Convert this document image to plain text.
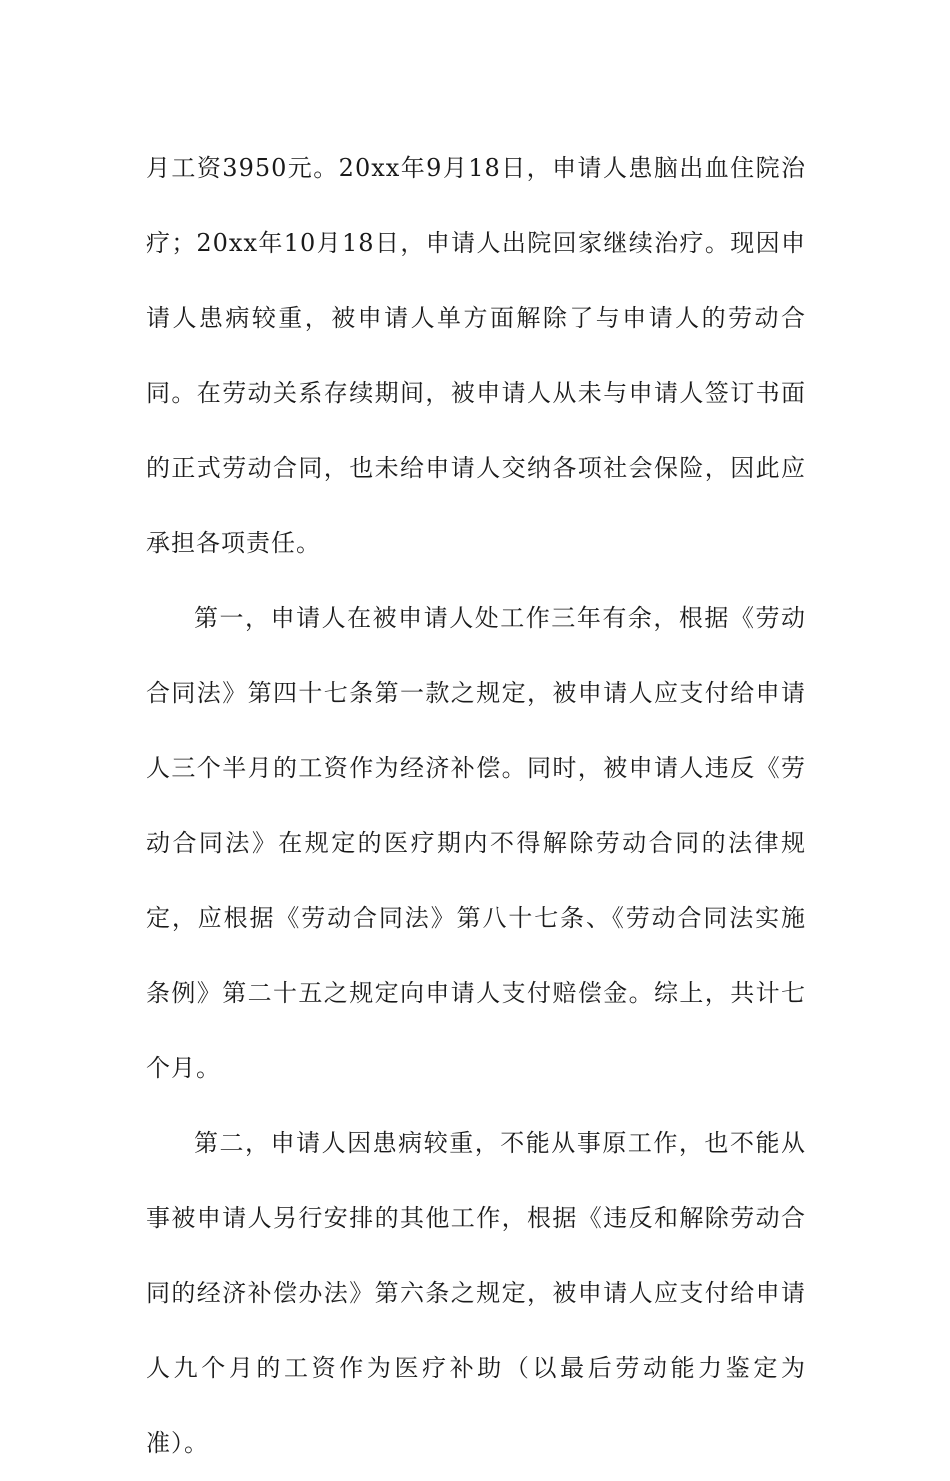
月工资3950元。20xx年9月18日，申请人患脑出血住院治疗；20xx年10月18日，申请人出院回家继续治疗。现因申请人患病较重，被申请人单方面解除了与申请人的劳动合同。在劳动关系存续期间，被申请人从未与申请人签订书面的正式劳动合同，也未给申请人交纳各项社会保险，因此应承担各项责任。

第一，申请人在被申请人处工作三年有余，根据《劳动合同法》第四十七条第一款之规定，被申请人应支付给申请人三个半月的工资作为经济补偿。同时，被申请人违反《劳动合同法》在规定的医疗期内不得解除劳动合同的法律规定，应根据《劳动合同法》第八十七条、《劳动合同法实施条例》第二十五之规定向申请人支付赔偿金。综上，共计七个月。

第二，申请人因患病较重，不能从事原工作，也不能从事被申请人另行安排的其他工作，根据《违反和解除劳动合同的经济补偿办法》第六条之规定，被申请人应支付给申请人九个月的工资作为医疗补助（以最后劳动能力鉴定为准）。
